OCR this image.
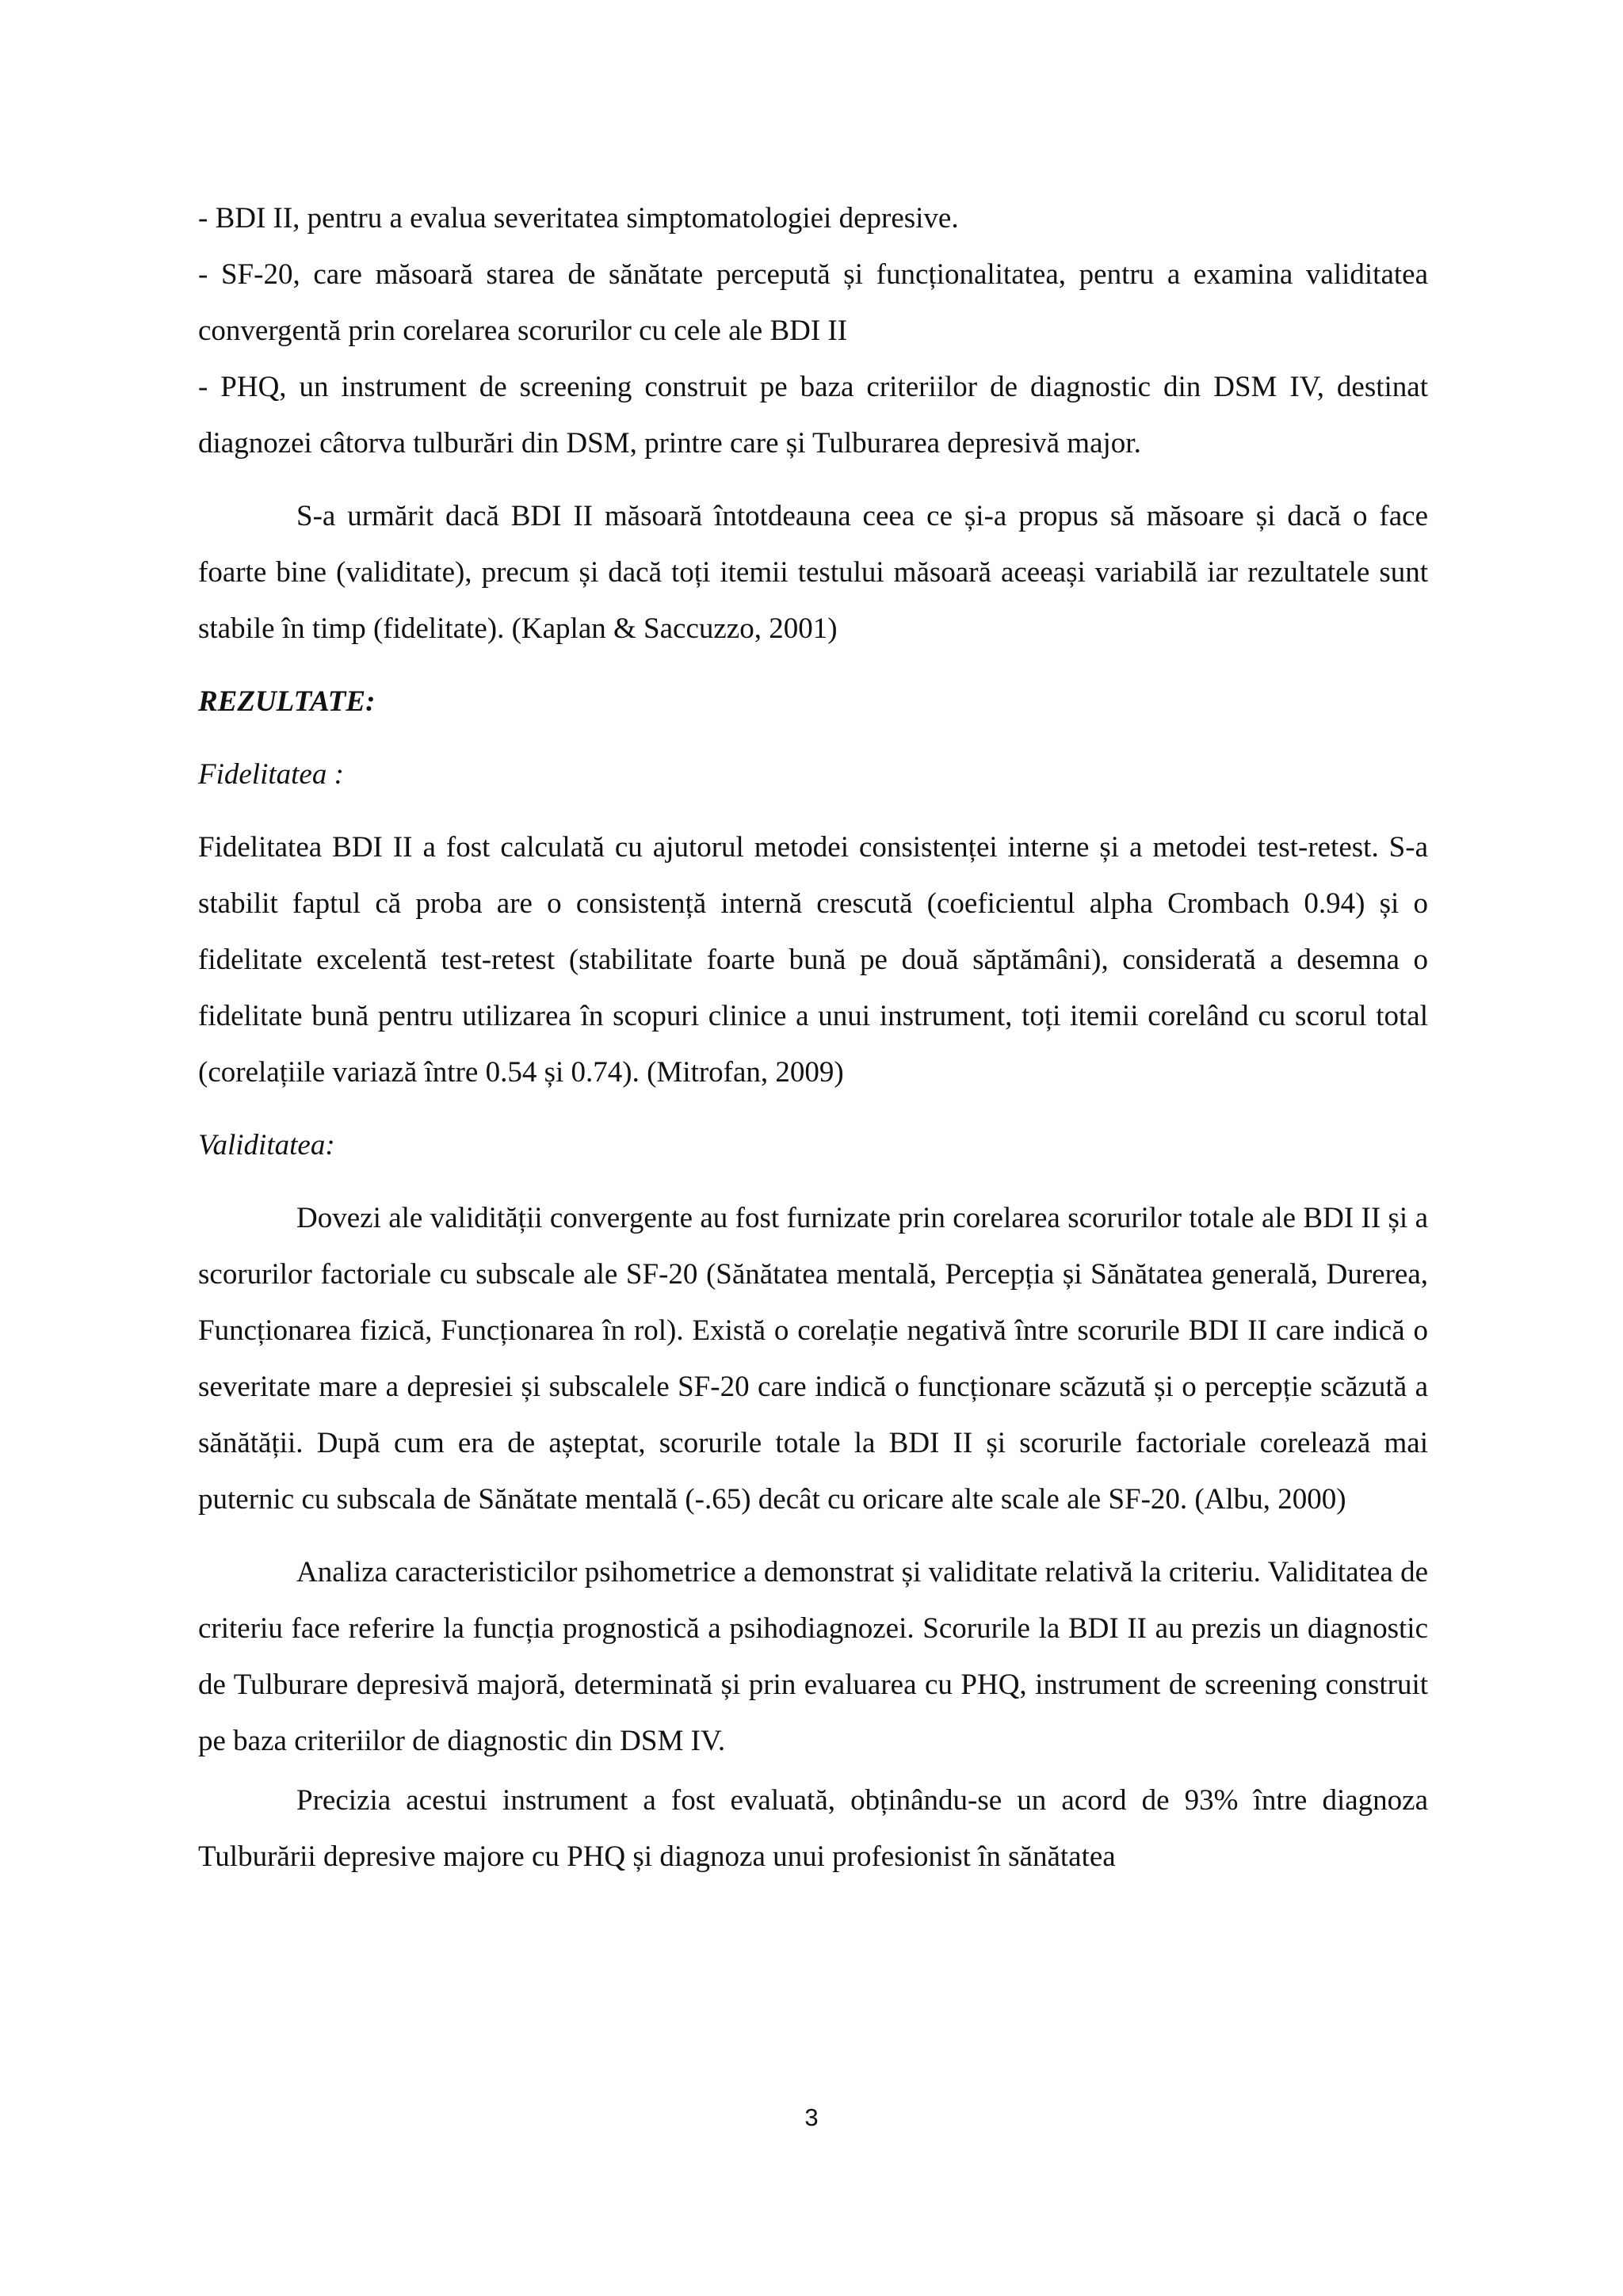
- BDI II, pentru a evalua severitatea simptomatologiei depresive.

- SF-20, care măsoară starea de sănătate percepută și funcționalitatea, pentru a examina validitatea convergentă prin corelarea scorurilor cu cele ale BDI II

- PHQ, un instrument de screening construit pe baza criteriilor de diagnostic din DSM IV, destinat diagnozei câtorva tulburări din DSM, printre care și Tulburarea depresivă major.

S-a urmărit dacă BDI II măsoară întotdeauna ceea ce și-a propus să măsoare și dacă o face foarte bine (validitate), precum și dacă toți itemii testului măsoară aceeași variabilă iar rezultatele sunt stabile în timp (fidelitate). (Kaplan & Saccuzzo, 2001)

REZULTATE:

Fidelitatea :

Fidelitatea BDI II a fost calculată cu ajutorul metodei consistenței interne și a metodei test-retest. S-a stabilit faptul că proba are o consistență internă crescută (coeficientul alpha Crombach 0.94) și o fidelitate excelentă test-retest (stabilitate foarte bună pe două săptămâni), considerată a desemna o fidelitate bună pentru utilizarea în scopuri clinice a unui instrument, toți itemii corelând cu scorul total (corelațiile variază între 0.54 și 0.74). (Mitrofan, 2009)

Validitatea:

Dovezi ale validității convergente au fost furnizate prin corelarea scorurilor totale ale BDI II și a scorurilor factoriale cu subscale ale SF-20 (Sănătatea mentală, Percepția și Sănătatea generală, Durerea, Funcționarea fizică, Funcționarea în rol). Există o corelație negativă între scorurile BDI II care indică o severitate mare a depresiei și subscalele SF-20 care indică o funcționare scăzută și o percepție scăzută a sănătății. După cum era de așteptat, scorurile totale la BDI II și scorurile factoriale corelează mai puternic cu subscala de Sănătate mentală (-.65) decât cu oricare alte scale ale SF-20. (Albu, 2000)

Analiza caracteristicilor psihometrice a demonstrat și validitate relativă la criteriu. Validitatea de criteriu face referire la funcția prognostică a psihodiagnozei. Scorurile la BDI II au prezis un diagnostic de Tulburare depresivă majoră, determinată și prin evaluarea cu PHQ, instrument de screening construit pe baza criteriilor de diagnostic din DSM IV.

Precizia acestui instrument a fost evaluată, obținându-se un acord de 93% între diagnoza Tulburării depresive majore cu PHQ și diagnoza unui profesionist în sănătatea

3
